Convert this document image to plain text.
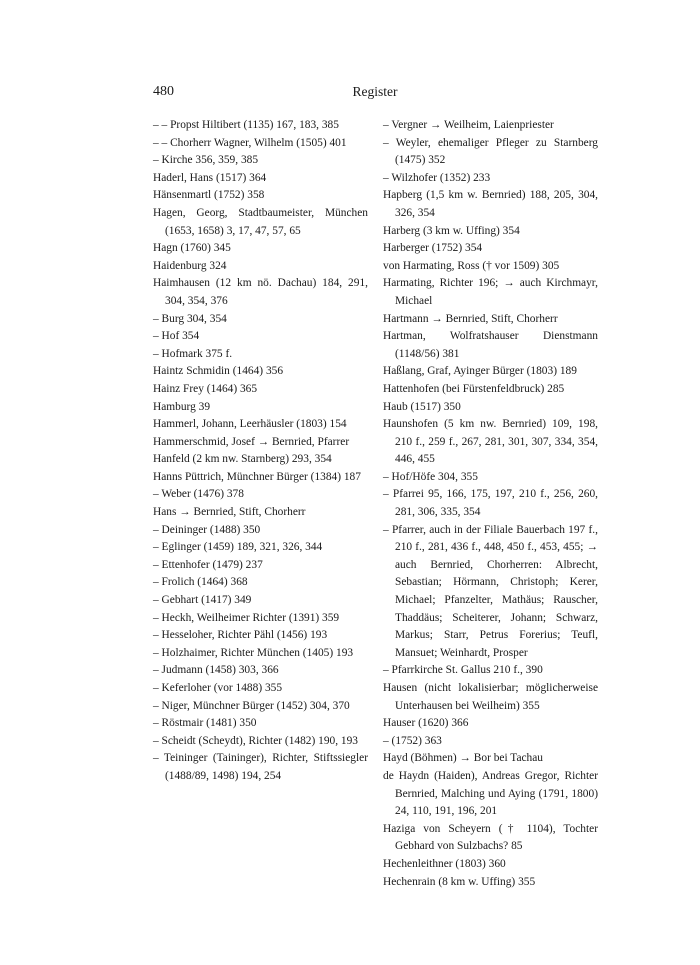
480	Register
– – Propst Hiltibert (1135) 167, 183, 385
– – Chorherr Wagner, Wilhelm (1505) 401
– Kirche 356, 359, 385
Haderl, Hans (1517) 364
Hänsenmartl (1752) 358
Hagen, Georg, Stadtbaumeister, München (1653, 1658) 3, 17, 47, 57, 65
Hagn (1760) 345
Haidenburg 324
Haimhausen (12 km nö. Dachau) 184, 291, 304, 354, 376
– Burg 304, 354
– Hof 354
– Hofmark 375 f.
Haintz Schmidin (1464) 356
Hainz Frey (1464) 365
Hamburg 39
Hammerl, Johann, Leerhäusler (1803) 154
Hammerschmid, Josef → Bernried, Pfarrer
Hanfeld (2 km nw. Starnberg) 293, 354
Hanns Püttrich, Münchner Bürger (1384) 187
– Weber (1476) 378
Hans → Bernried, Stift, Chorherr
– Deininger (1488) 350
– Eglinger (1459) 189, 321, 326, 344
– Ettenhofer (1479) 237
– Frolich (1464) 368
– Gebhart (1417) 349
– Heckh, Weilheimer Richter (1391) 359
– Hesseloher, Richter Pähl (1456) 193
– Holzhaimer, Richter München (1405) 193
– Judmann (1458) 303, 366
– Keferloher (vor 1488) 355
– Niger, Münchner Bürger (1452) 304, 370
– Röstmair (1481) 350
– Scheidt (Scheydt), Richter (1482) 190, 193
– Teininger (Taininger), Richter, Stiftssiegler (1488/89, 1498) 194, 254
– Vergner → Weilheim, Laienpriester
– Weyler, ehemaliger Pfleger zu Starnberg (1475) 352
– Wilzhofer (1352) 233
Hapberg (1,5 km w. Bernried) 188, 205, 304, 326, 354
Harberg (3 km w. Uffing) 354
Harberger (1752) 354
von Harmating, Ross († vor 1509) 305
Harmating, Richter 196; → auch Kirchmayr, Michael
Hartmann → Bernried, Stift, Chorherr
Hartman, Wolfratshauser Dienstmann (1148/56) 381
Haßlang, Graf, Ayinger Bürger (1803) 189
Hattenhofen (bei Fürstenfeldbruck) 285
Haub (1517) 350
Haunshofen (5 km nw. Bernried) 109, 198, 210 f., 259 f., 267, 281, 301, 307, 334, 354, 446, 455
– Hof/Höfe 304, 355
– Pfarrei 95, 166, 175, 197, 210 f., 256, 260, 281, 306, 335, 354
– Pfarrer, auch in der Filiale Bauerbach 197 f., 210 f., 281, 436 f., 448, 450 f., 453, 455; → auch Bernried, Chorherren: Albrecht, Sebastian; Hörmann, Christoph; Kerer, Michael; Pfanzelter, Mathäus; Rauscher, Thaddäus; Scheiterer, Johann; Schwarz, Markus; Starr, Petrus Forerius; Teufl, Mansuet; Weinhardt, Prosper
– Pfarrkirche St. Gallus 210 f., 390
Hausen (nicht lokalisierbar; möglicherweise Unterhausen bei Weilheim) 355
Hauser (1620) 366
– (1752) 363
Hayd (Böhmen) → Bor bei Tachau
de Haydn (Haiden), Andreas Gregor, Richter Bernried, Malching und Aying (1791, 1800) 24, 110, 191, 196, 201
Haziga von Scheyern († 1104), Tochter Gebhard von Sulzbachs? 85
Hechenleithner (1803) 360
Hechenrain (8 km w. Uffing) 355
